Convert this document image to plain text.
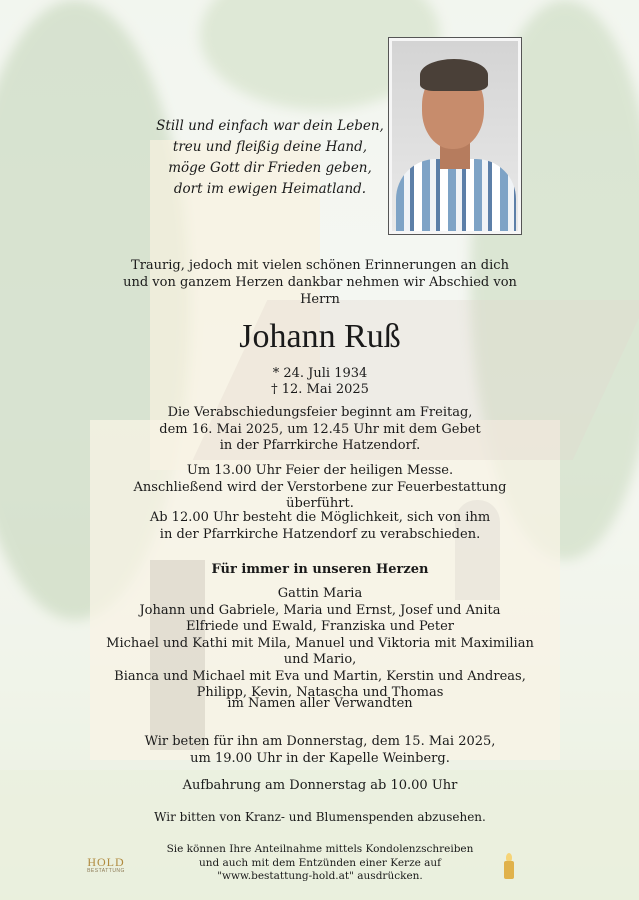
Still und einfach war dein Leben,
treu und fleißig deine Hand,
möge Gott dir Frieden geben,
dort im ewigen Heimatland.
Traurig, jedoch mit vielen schönen Erinnerungen an dich
und von ganzem Herzen dankbar nehmen wir Abschied von
Herrn
Johann Ruß
* 24. Juli 1934 † 12. Mai 2025
Die Verabschiedungsfeier beginnt am Freitag,
dem 16. Mai 2025, um 12.45 Uhr mit dem Gebet
in der Pfarrkirche Hatzendorf.
Um 13.00 Uhr Feier der heiligen Messe.
Anschließend wird der Verstorbene zur Feuerbestattung überführt.
Ab 12.00 Uhr besteht die Möglichkeit, sich von ihm
in der Pfarrkirche Hatzendorf zu verabschieden.
Für immer in unseren Herzen
Gattin Maria
Johann und Gabriele, Maria und Ernst, Josef und Anita
Elfriede und Ewald, Franziska und Peter
Michael und Kathi mit Mila, Manuel und Viktoria mit Maximilian und Mario,
Bianca und Michael mit Eva und Martin, Kerstin und Andreas,
Philipp, Kevin, Natascha und Thomas
im Namen aller Verwandten
Wir beten für ihn am Donnerstag, dem 15. Mai 2025,
um 19.00 Uhr in der Kapelle Weinberg.
Aufbahrung am Donnerstag ab 10.00 Uhr
Wir bitten von Kranz- und Blumenspenden abzusehen.
Sie können Ihre Anteilnahme mittels Kondolenzschreiben
und auch mit dem Entzünden einer Kerze auf
"www.bestattung-hold.at" ausdrücken.
HOLD
BESTATTUNG
